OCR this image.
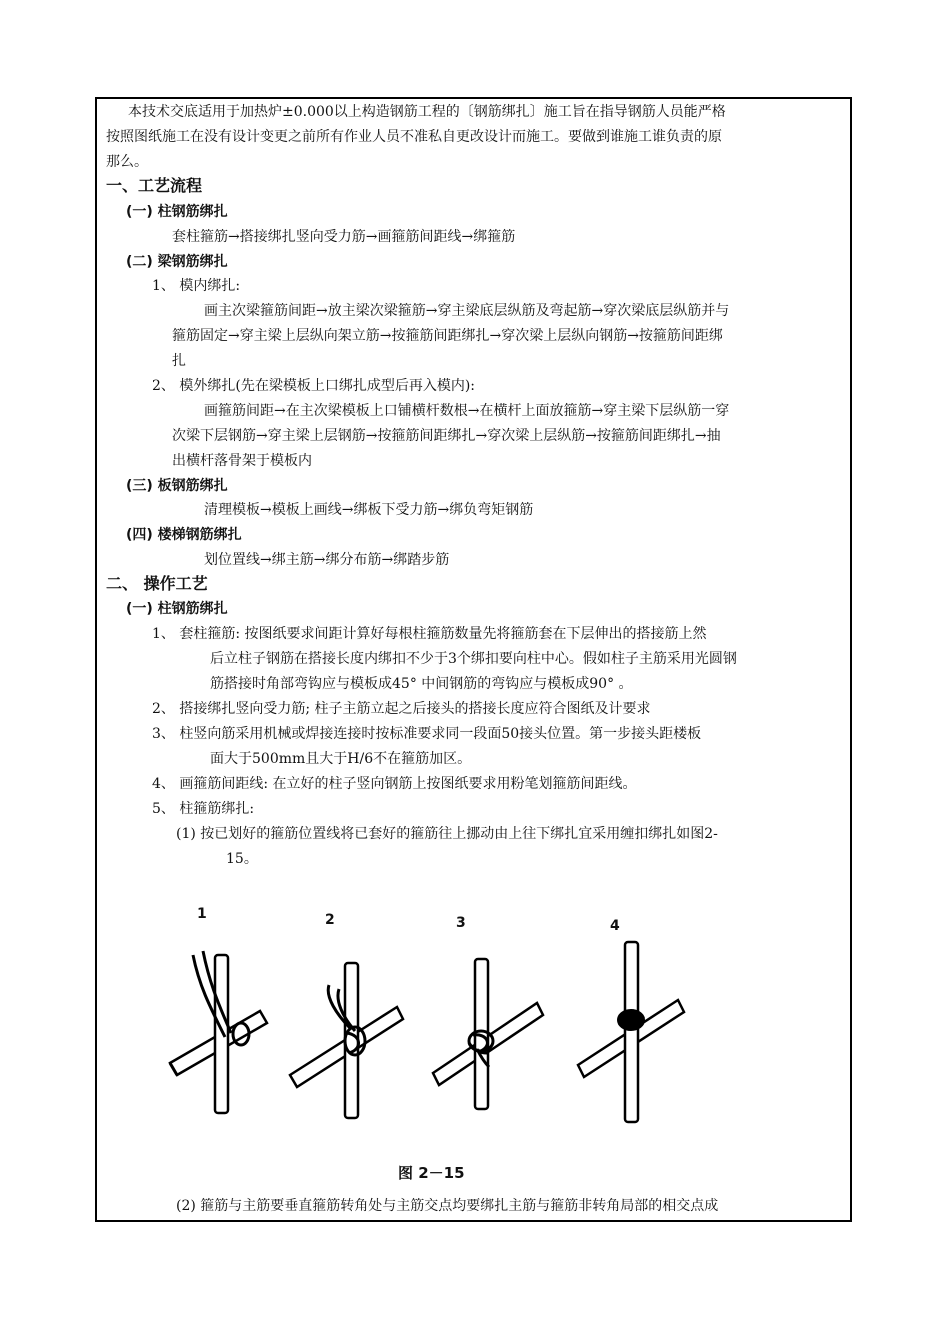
本技术交底适用于加热炉±0.000以上构造钢筋工程的〔钢筋绑扎〕施工旨在指导钢筋人员能严格
按照图纸施工在没有设计变更之前所有作业人员不准私自更改设计而施工。要做到谁施工谁负责的原
那么。
一、工艺流程
(一) 柱钢筋绑扎
套柱箍筋→搭接绑扎竖向受力筋→画箍筋间距线→绑箍筋
(二) 梁钢筋绑扎
1、 模内绑扎:
画主次梁箍筋间距→放主梁次梁箍筋→穿主梁底层纵筋及弯起筋→穿次梁底层纵筋并与
箍筋固定→穿主梁上层纵向架立筋→按箍筋间距绑扎→穿次梁上层纵向钢筋→按箍筋间距绑
扎
2、 模外绑扎(先在梁模板上口绑扎成型后再入模内):
画箍筋间距→在主次梁模板上口铺横杆数根→在横杆上面放箍筋→穿主梁下层纵筋一穿
次梁下层钢筋→穿主梁上层钢筋→按箍筋间距绑扎→穿次梁上层纵筋→按箍筋间距绑扎→抽
出横杆落骨架于模板内
(三) 板钢筋绑扎
清理模板→模板上画线→绑板下受力筋→绑负弯矩钢筋
(四) 楼梯钢筋绑扎
划位置线→绑主筋→绑分布筋→绑踏步筋
二、 操作工艺
(一) 柱钢筋绑扎
1、 套柱箍筋: 按图纸要求间距计算好每根柱箍筋数量先将箍筋套在下层伸出的搭接筋上然
后立柱子钢筋在搭接长度内绑扣不少于3个绑扣要向柱中心。假如柱子主筋采用光圆钢
筋搭接时角部弯钩应与模板成45° 中间钢筋的弯钩应与模板成90° 。
2、 搭接绑扎竖向受力筋; 柱子主筋立起之后接头的搭接长度应符合图纸及计要求
3、 柱竖向筋采用机械或焊接连接时按标准要求同一段面50接头位置。第一步接头距楼板
面大于500mm且大于H/6不在箍筋加区。
4、 画箍筋间距线: 在立好的柱子竖向钢筋上按图纸要求用粉笔划箍筋间距线。
5、 柱箍筋绑扎:
(1) 按已划好的箍筋位置线将已套好的箍筋往上挪动由上往下绑扎宜采用缠扣绑扎如图2-
15。
1	2	3	4
图 2－15
(2) 箍筋与主筋要垂直箍筋转角处与主筋交点均要绑扎主筋与箍筋非转角局部的相交点成
